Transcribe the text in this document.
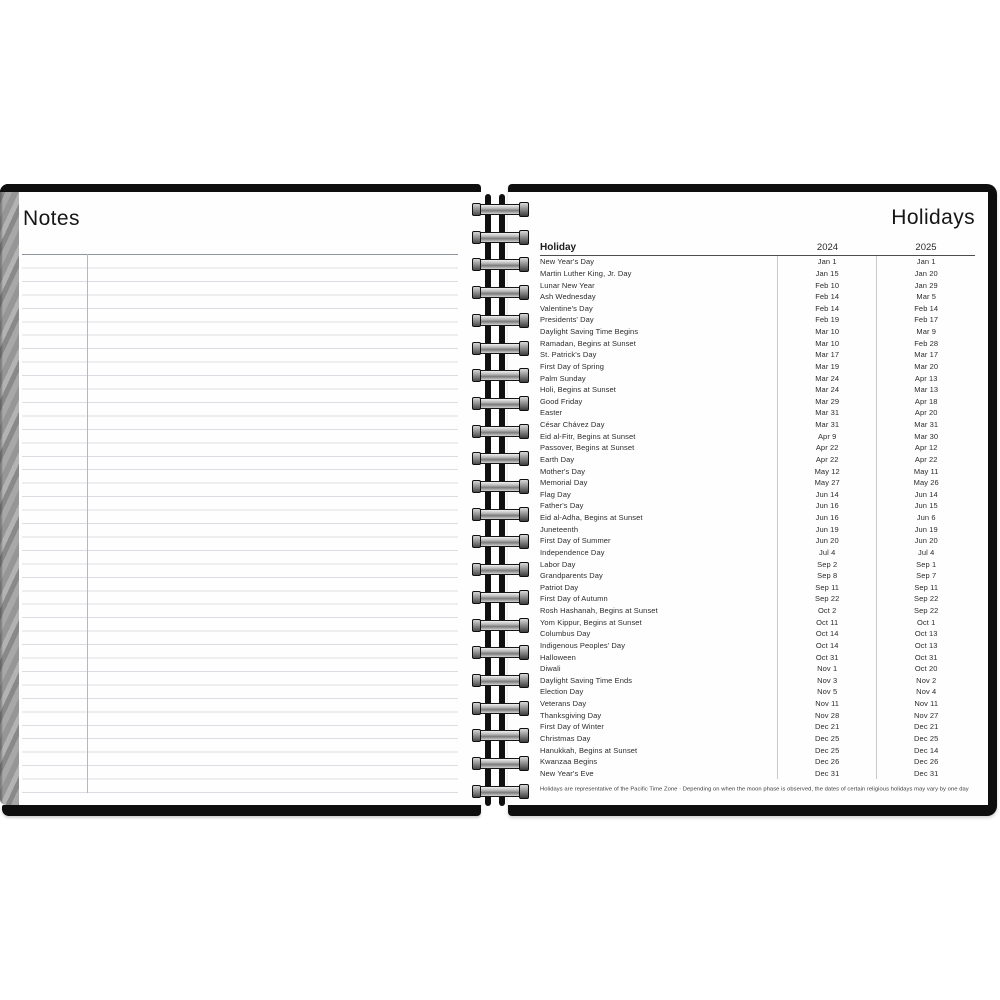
Notes	Holidays
Holiday	2024	2025
New Year's Day	Jan 1	Jan 1
Martin Luther King, Jr. Day	Jan 15	Jan 20
Lunar New Year	Feb 10	Jan 29
Ash Wednesday	Feb 14	Mar 5
Valentine's Day	Feb 14	Feb 14
Presidents' Day	Feb 19	Feb 17
Daylight Saving Time Begins	Mar 10	Mar 9
Ramadan, Begins at Sunset	Mar 10	Feb 28
St. Patrick's Day	Mar 17	Mar 17
First Day of Spring	Mar 19	Mar 20
Palm Sunday	Mar 24	Apr 13
Holi, Begins at Sunset	Mar 24	Mar 13
Good Friday	Mar 29	Apr 18
Easter	Mar 31	Apr 20
César Chávez Day	Mar 31	Mar 31
Eid al-Fitr, Begins at Sunset	Apr 9	Mar 30
Passover, Begins at Sunset	Apr 22	Apr 12
Earth Day	Apr 22	Apr 22
Mother's Day	May 12	May 11
Memorial Day	May 27	May 26
Flag Day	Jun 14	Jun 14
Father's Day	Jun 16	Jun 15
Eid al-Adha, Begins at Sunset	Jun 16	Jun 6
Juneteenth	Jun 19	Jun 19
First Day of Summer	Jun 20	Jun 20
Independence Day	Jul 4	Jul 4
Labor Day	Sep 2	Sep 1
Grandparents Day	Sep 8	Sep 7
Patriot Day	Sep 11	Sep 11
First Day of Autumn	Sep 22	Sep 22
Rosh Hashanah, Begins at Sunset	Oct 2	Sep 22
Yom Kippur, Begins at Sunset	Oct 11	Oct 1
Columbus Day	Oct 14	Oct 13
Indigenous Peoples' Day	Oct 14	Oct 13
Halloween	Oct 31	Oct 31
Diwali	Nov 1	Oct 20
Daylight Saving Time Ends	Nov 3	Nov 2
Election Day	Nov 5	Nov 4
Veterans Day	Nov 11	Nov 11
Thanksgiving Day	Nov 28	Nov 27
First Day of Winter	Dec 21	Dec 21
Christmas Day	Dec 25	Dec 25
Hanukkah, Begins at Sunset	Dec 25	Dec 14
Kwanzaa Begins	Dec 26	Dec 26
New Year's Eve	Dec 31	Dec 31
Holidays are representative of the Pacific Time Zone · Depending on when the moon phase is observed, the dates of certain religious holidays may vary by one day
